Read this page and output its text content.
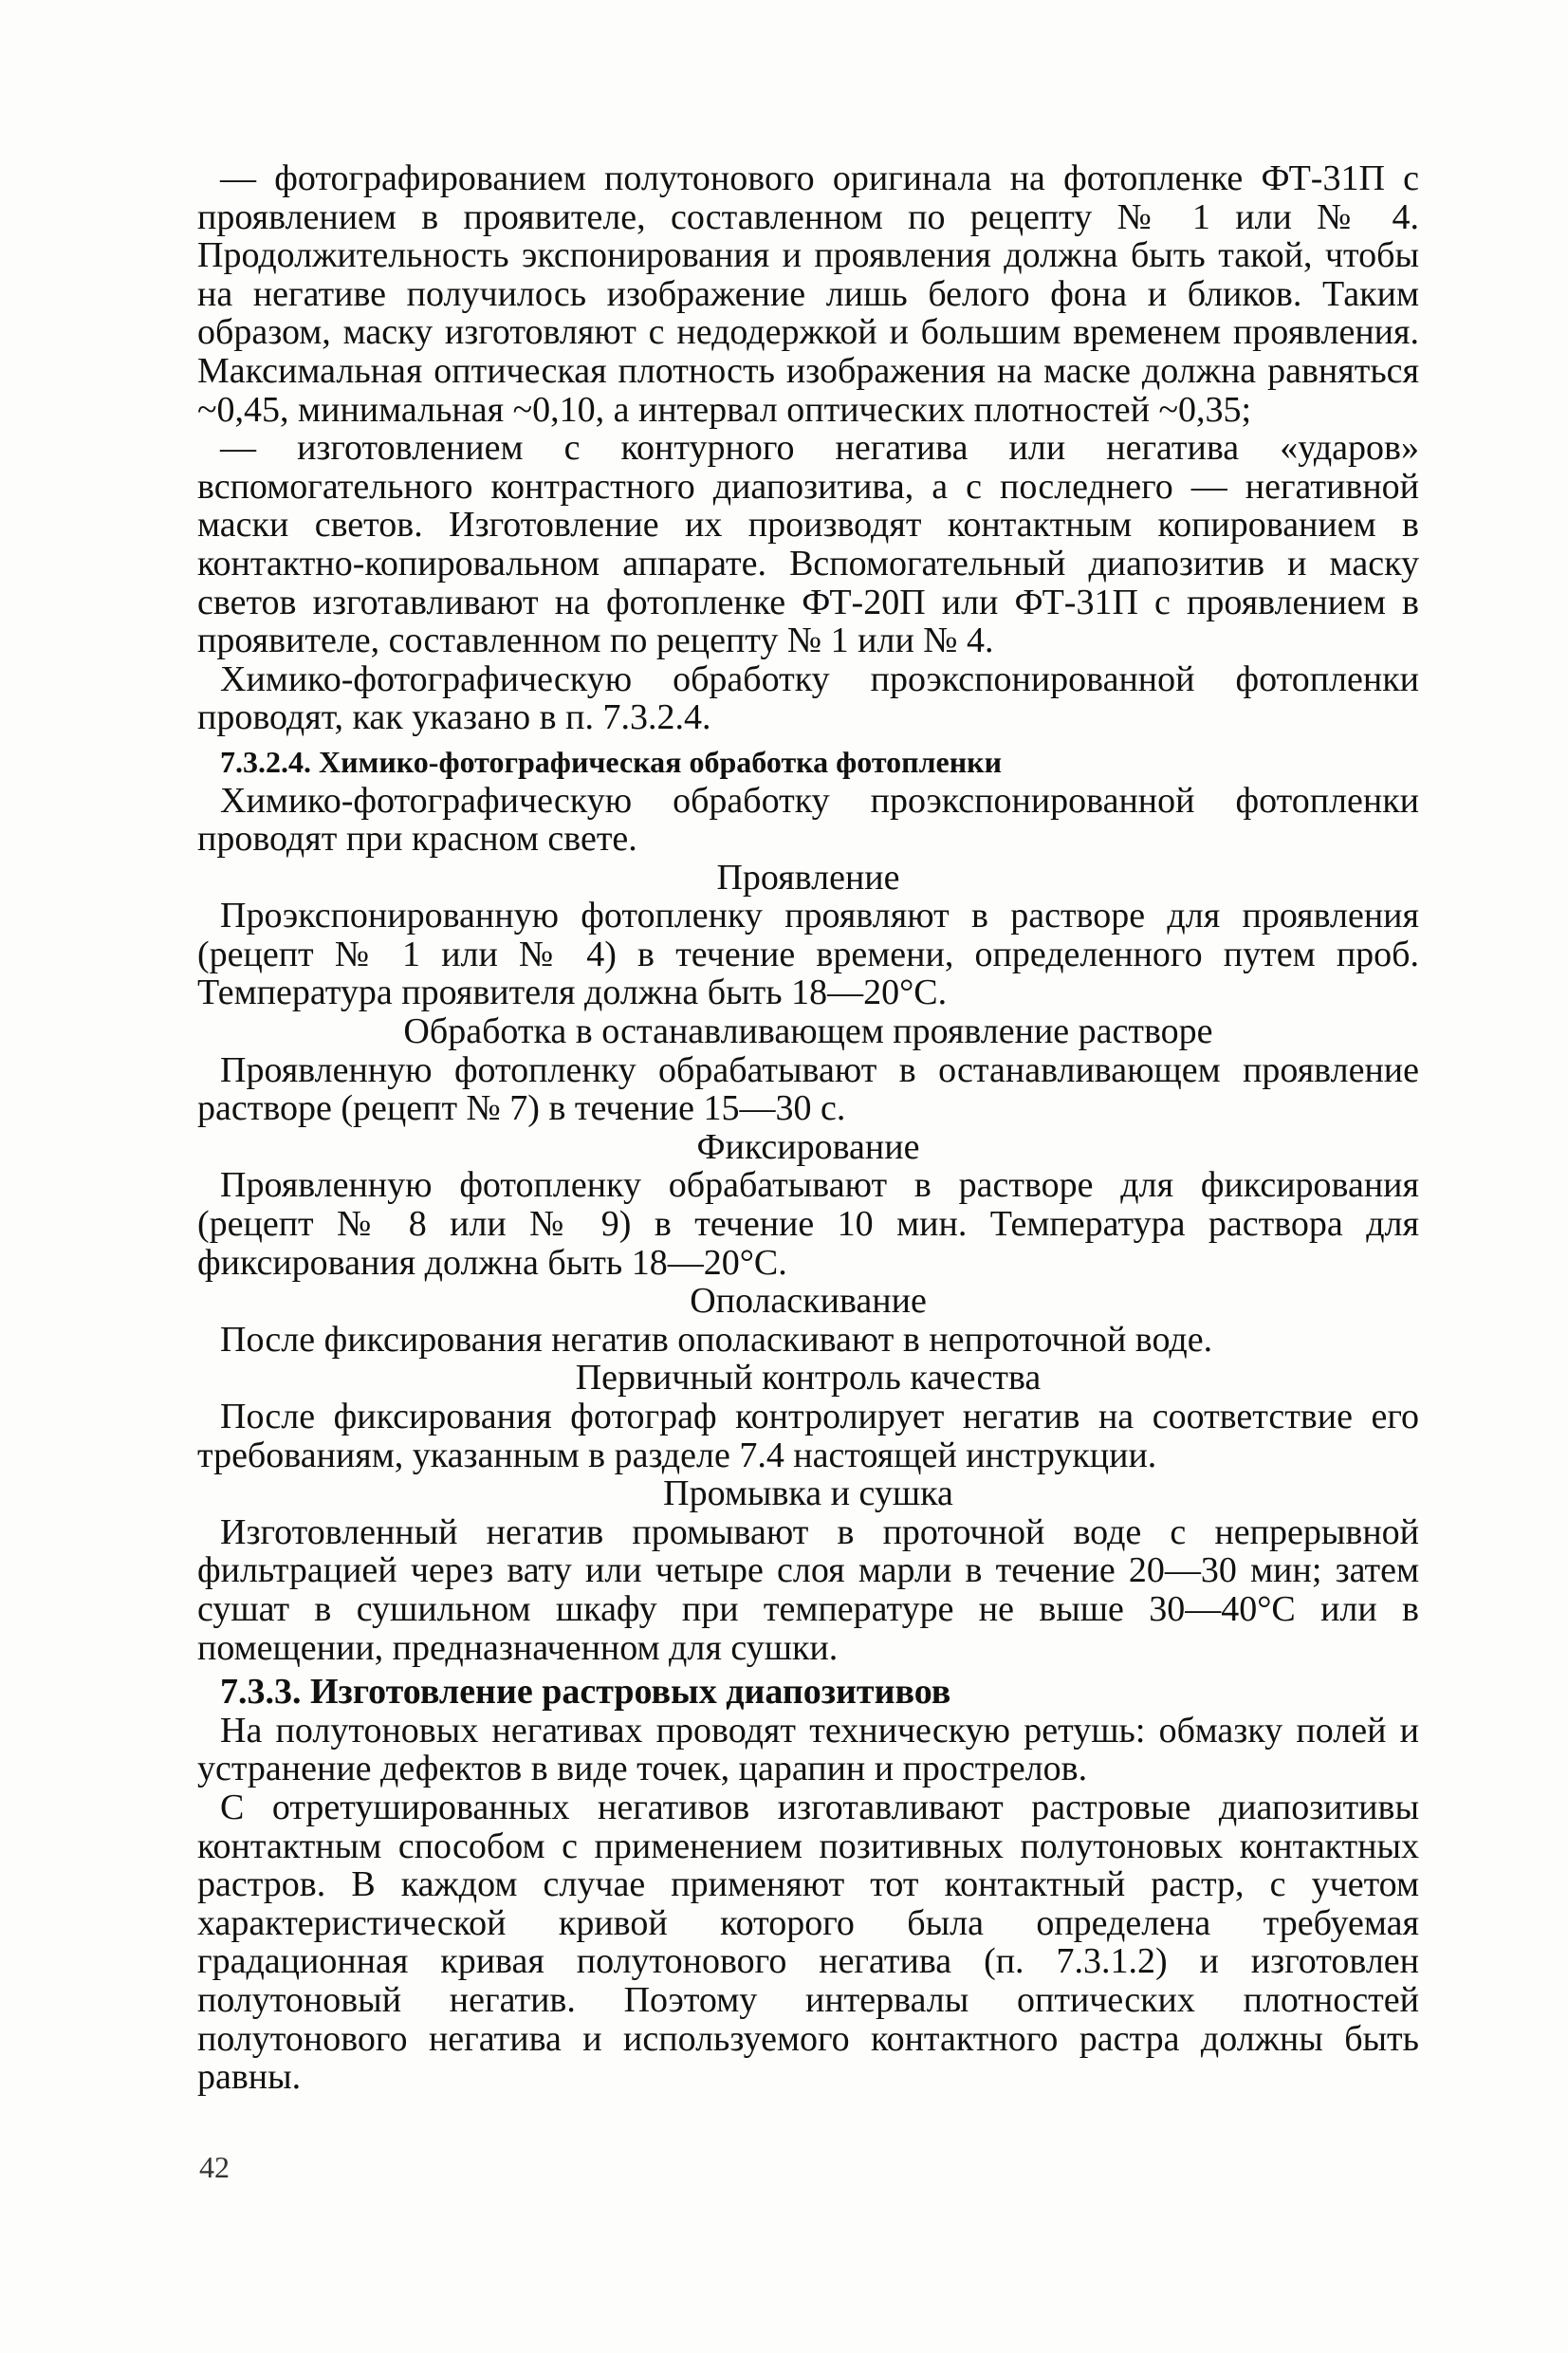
— фотографированием полутонового оригинала на фотопленке ФТ-31П с проявлением в проявителе, составленном по рецепту № 1 или № 4. Продолжительность экспонирования и проявления должна быть такой, чтобы на негативе получилось изображение лишь белого фона и бликов. Таким образом, маску изготовляют с недодержкой и большим временем проявления. Максимальная оптическая плотность изображения на маске должна равняться ~0,45, минимальная ~0,10, а интервал оптических плотностей ~0,35;

— изготовлением с контурного негатива или негатива «ударов» вспомогательного контрастного диапозитива, а с последнего — негативной маски светов. Изготовление их производят контактным копированием в контактно-копировальном аппарате. Вспомогательный диапозитив и маску светов изготавливают на фотопленке ФТ-20П или ФТ-31П с проявлением в проявителе, составленном по рецепту № 1 или № 4.

Химико-фотографическую обработку проэкспонированной фотопленки проводят, как указано в п. 7.3.2.4.

7.3.2.4. Химико-фотографическая обработка фотопленки

Химико-фотографическую обработку проэкспонированной фотопленки проводят при красном свете.

Проявление

Проэкспонированную фотопленку проявляют в растворе для проявления (рецепт № 1 или № 4) в течение времени, определенного путем проб. Температура проявителя должна быть 18—20°С.

Обработка в останавливающем проявление растворе

Проявленную фотопленку обрабатывают в останавливающем проявление растворе (рецепт № 7) в течение 15—30 с.

Фиксирование

Проявленную фотопленку обрабатывают в растворе для фиксирования (рецепт № 8 или № 9) в течение 10 мин. Температура раствора для фиксирования должна быть 18—20°С.

Ополаскивание

После фиксирования негатив ополаскивают в непроточной воде.

Первичный контроль качества

После фиксирования фотограф контролирует негатив на соответствие его требованиям, указанным в разделе 7.4 настоящей инструкции.

Промывка и сушка

Изготовленный негатив промывают в проточной воде с непрерывной фильтрацией через вату или четыре слоя марли в течение 20—30 мин; затем сушат в сушильном шкафу при температуре не выше 30—40°С или в помещении, предназначенном для сушки.

7.3.3. Изготовление растровых диапозитивов

На полутоновых негативах проводят техническую ретушь: обмазку полей и устранение дефектов в виде точек, царапин и прострелов.

С отретушированных негативов изготавливают растровые диапозитивы контактным способом с применением позитивных полутоновых контактных растров. В каждом случае применяют тот контактный растр, с учетом характеристической кривой которого была определена требуемая градационная кривая полутонового негатива (п. 7.3.1.2) и изготовлен полутоновый негатив. Поэтому интервалы оптических плотностей полутонового негатива и используемого контактного растра должны быть равны.

42
